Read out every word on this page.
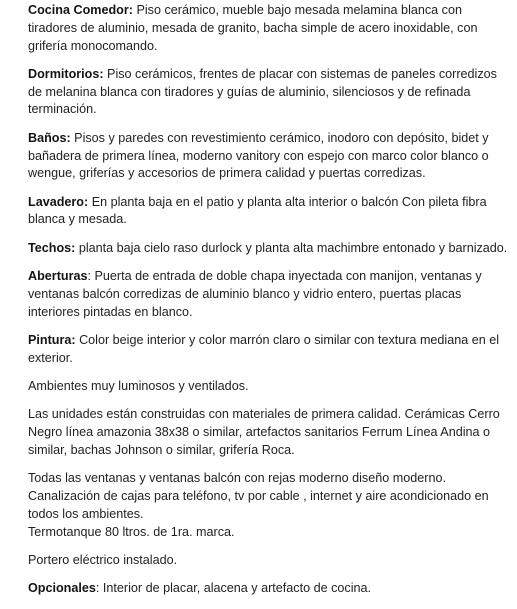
Cocina Comedor: Piso cerámico, mueble bajo mesada melamina blanca con tiradores de aluminio, mesada de granito, bacha simple de acero inoxidable, con grifería monocomando.

Dormitorios: Piso cerámicos, frentes de placar con sistemas de paneles corredizos de melanina blanca con tiradores y guías de aluminio, silenciosos y de refinada terminación.

Baños: Pisos y paredes con revestimiento cerámico, inodoro con depósito, bidet y bañadera de primera línea, moderno vanitory con espejo con marco color blanco o wengue, griferías y accesorios de primera calidad y puertas corredizas.

Lavadero: En planta baja en el patio y planta alta interior o balcón Con pileta fibra blanca y mesada.

Techos: planta baja cielo raso durlock y planta alta machimbre entonado y barnizado.

Aberturas: Puerta de entrada de doble chapa inyectada con manijon, ventanas y ventanas balcón corredizas de aluminio blanco y vidrio entero, puertas placas interiores pintadas en blanco.

Pintura: Color beige interior y color marrón claro o similar con textura mediana en el exterior.

Ambientes muy luminosos y ventilados.

Las unidades están construidas con materiales de primera calidad. Cerámicas Cerro Negro línea amazonia 38x38 o similar, artefactos sanitarios Ferrum Línea Andina o similar, bachas Johnson o similar, grifería Roca.

Todas las ventanas y ventanas balcón con rejas moderno diseño moderno. Canalización de cajas para teléfono, tv por cable , internet y aire acondicionado en todos los ambientes.
Termotanque 80 ltros. de 1ra. marca.

Portero eléctrico instalado.

Opcionales: Interior de placar, alacena y artefacto de cocina.
